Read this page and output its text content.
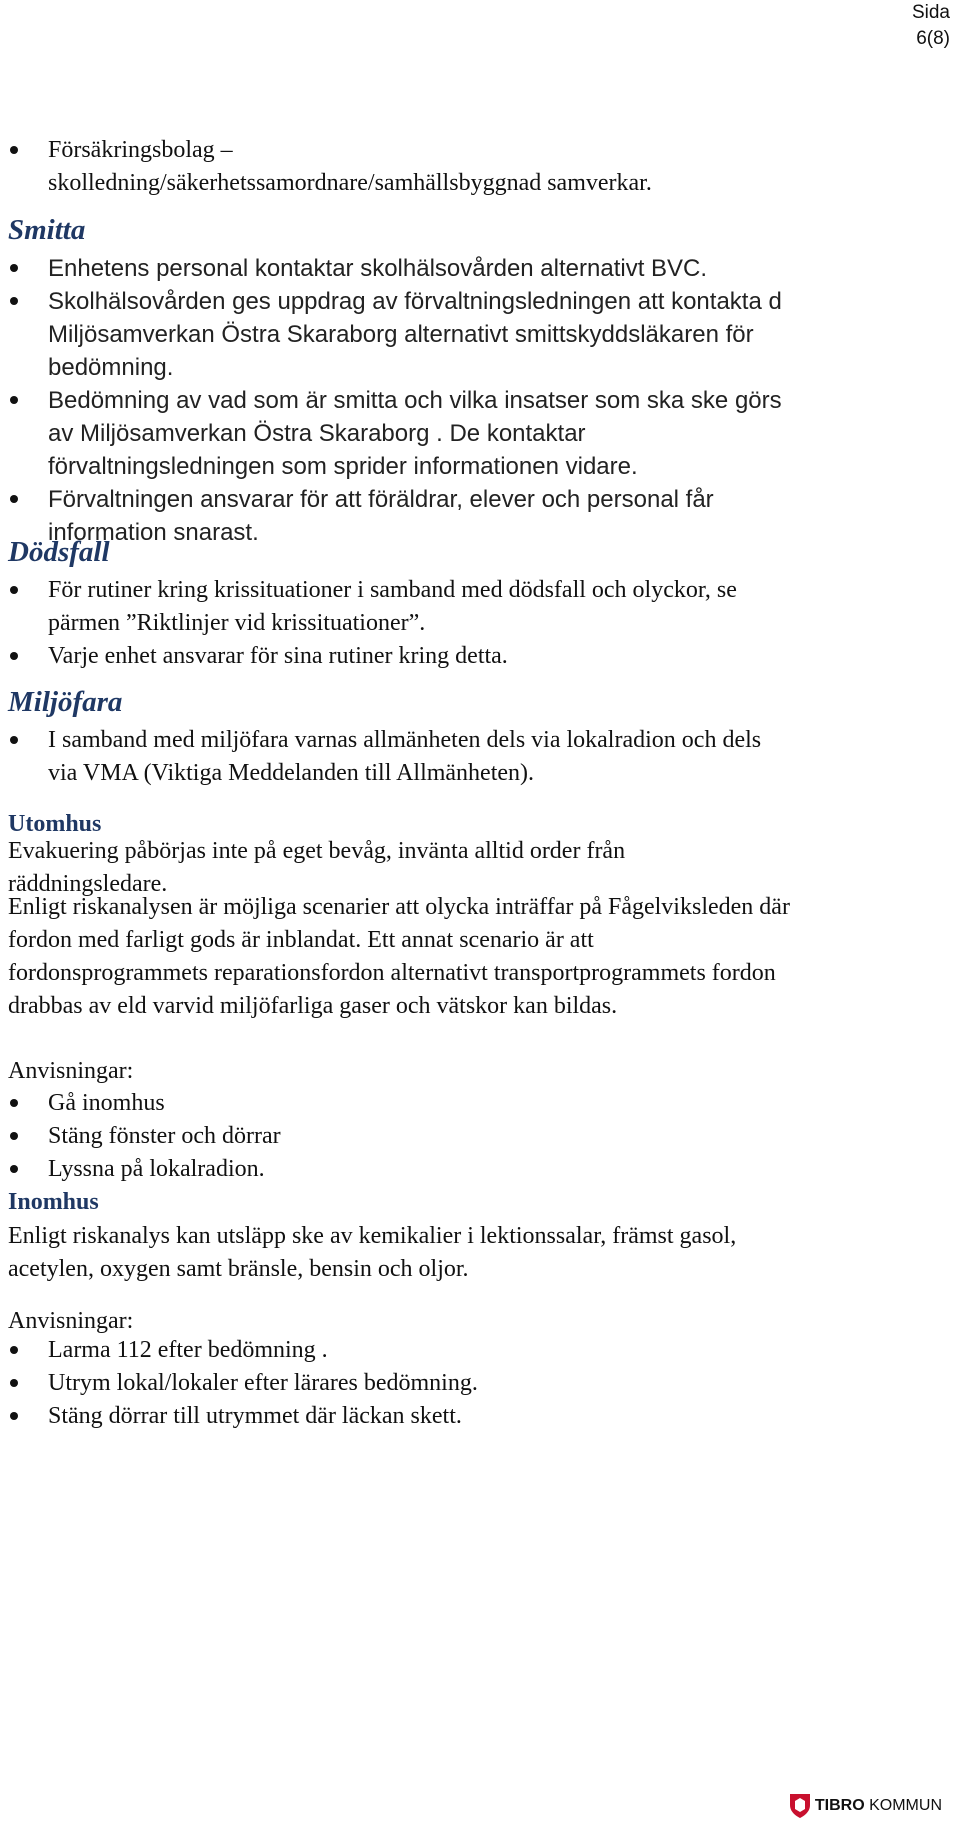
Sida
6(8)
Försäkringsbolag – skolledning/säkerhetssamordnare/samhällsbyggnad samverkar.
Smitta
Enhetens personal kontaktar skolhälsovården alternativt BVC.
Skolhälsovården ges uppdrag av förvaltningsledningen att kontakta d Miljösamverkan Östra Skaraborg alternativt smittskyddsläkaren för bedömning.
Bedömning av vad som är smitta och vilka insatser som ska ske görs av Miljösamverkan Östra Skaraborg . De kontaktar förvaltningsledningen som sprider informationen vidare.
Förvaltningen ansvarar för att föräldrar, elever och personal får information snarast.
Dödsfall
För rutiner kring krissituationer i samband med dödsfall och olyckor, se pärmen ”Riktlinjer vid krissituationer”.
Varje enhet ansvarar för sina rutiner kring detta.
Miljöfara
I samband med miljöfara varnas allmänheten dels via lokalradion och dels via VMA (Viktiga Meddelanden till Allmänheten).
Utomhus

Evakuering påbörjas inte på eget bevåg, invänta alltid order från räddningsledare.

Enligt riskanalysen är möjliga scenarier att olycka inträffar på Fågelviksleden där fordon med farligt gods är inblandat. Ett annat scenario är att fordonsprogrammets reparationsfordon alternativt transportprogrammets fordon drabbas av eld varvid miljöfarliga gaser och vätskor kan bildas.

Anvisningar:

Gå inomhus
Stäng fönster och dörrar
Lyssna på lokalradion.
Inomhus

Enligt riskanalys kan utsläpp ske av kemikalier i lektionssalar, främst gasol, acetylen, oxygen samt bränsle, bensin och oljor.

Anvisningar:

Larma 112 efter bedömning .
Utrym lokal/lokaler efter lärares bedömning.
Stäng dörrar till utrymmet där läckan skett.
TIBRO KOMMUN
